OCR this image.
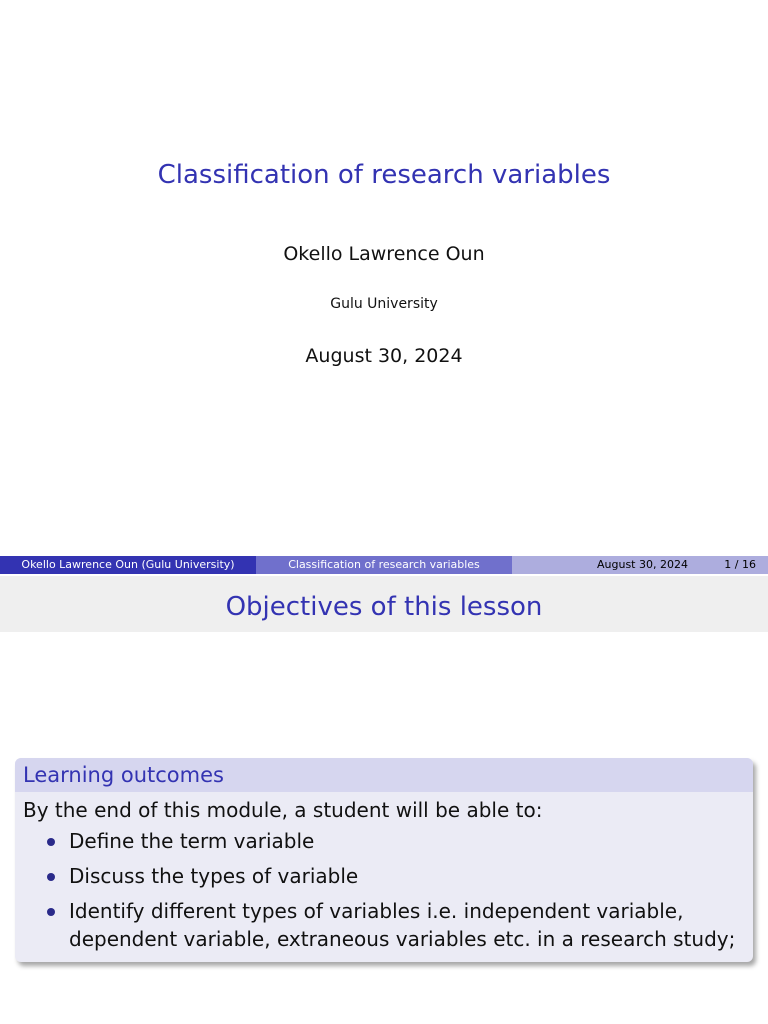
Classification of research variables
Okello Lawrence Oun
Gulu University
August 30, 2024
Okello Lawrence Oun (Gulu University)	Classification of research variables	August 30, 2024	1 / 16
Objectives of this lesson
Learning outcomes
By the end of this module, a student will be able to:
Define the term variable
Discuss the types of variable
Identify different types of variables i.e. independent variable, dependent variable, extraneous variables etc. in a research study;
